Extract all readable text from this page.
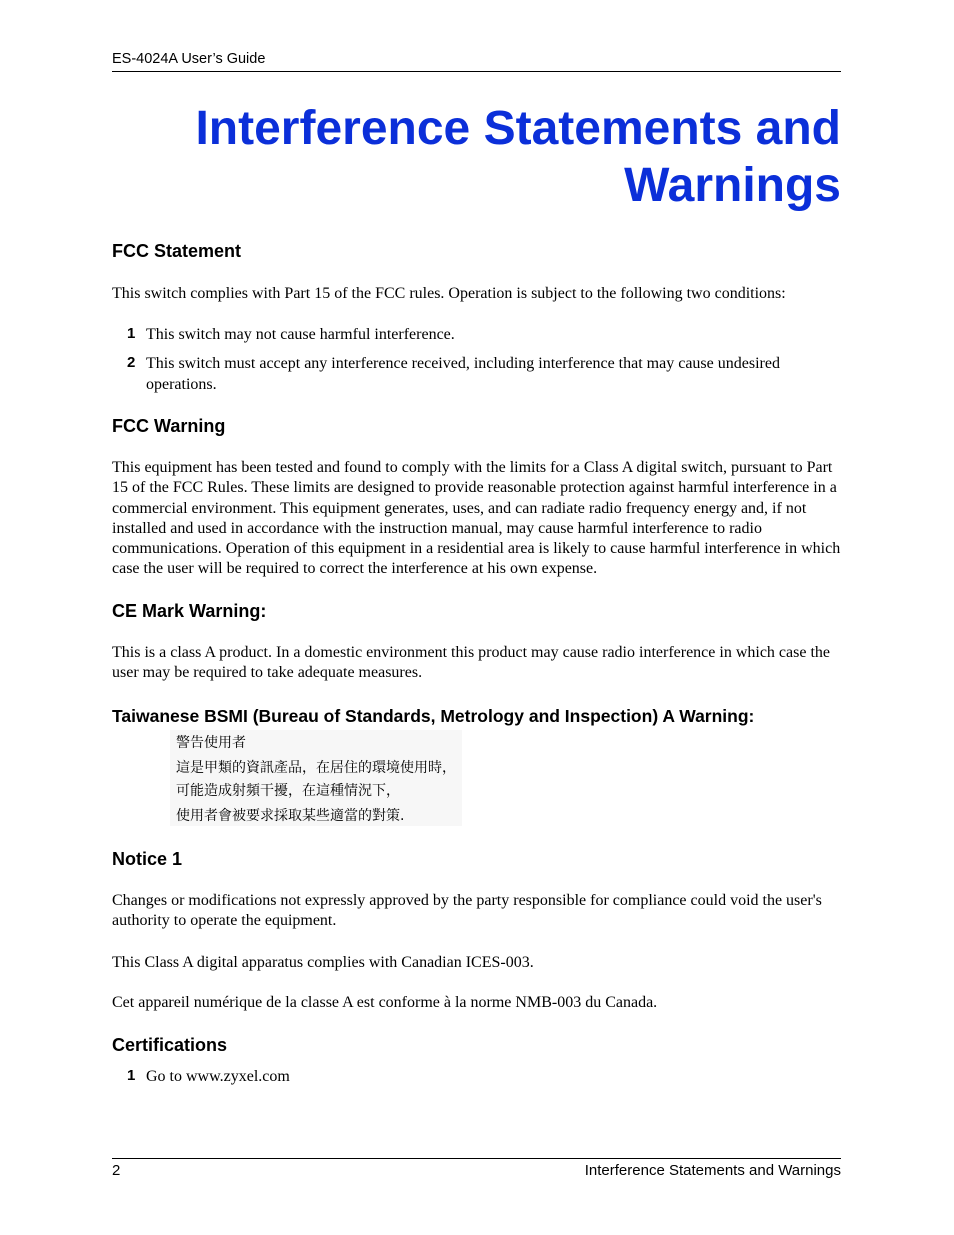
ES-4024A User’s Guide
Interference Statements and
Warnings
FCC Statement
This switch complies with Part 15 of the FCC rules. Operation is subject to the following two conditions:
1 This switch may not cause harmful interference.
2 This switch must accept any interference received, including interference that may cause undesired operations.
FCC Warning
This equipment has been tested and found to comply with the limits for a Class A digital switch, pursuant to Part 15 of the FCC Rules. These limits are designed to provide reasonable protection against harmful interference in a commercial environment. This equipment generates, uses, and can radiate radio frequency energy and, if not installed and used in accordance with the instruction manual, may cause harmful interference to radio communications. Operation of this equipment in a residential area is likely to cause harmful interference in which case the user will be required to correct the interference at his own expense.
CE Mark Warning:
This is a class A product. In a domestic environment this product may cause radio interference in which case the user may be required to take adequate measures.
Taiwanese BSMI (Bureau of Standards, Metrology and Inspection) A Warning:
警告使用者
這是甲類的資訊產品，在居住的環境使用時，
可能造成射頻干擾，在這種情況下，
使用者會被要求採取某些適當的對策.
Notice 1
Changes or modifications not expressly approved by the party responsible for compliance could void the user's authority to operate the equipment.
This Class A digital apparatus complies with Canadian ICES-003.
Cet appareil numérique de la classe A est conforme à la norme NMB-003 du Canada.
Certifications
1 Go to www.zyxel.com
2	Interference Statements and Warnings
